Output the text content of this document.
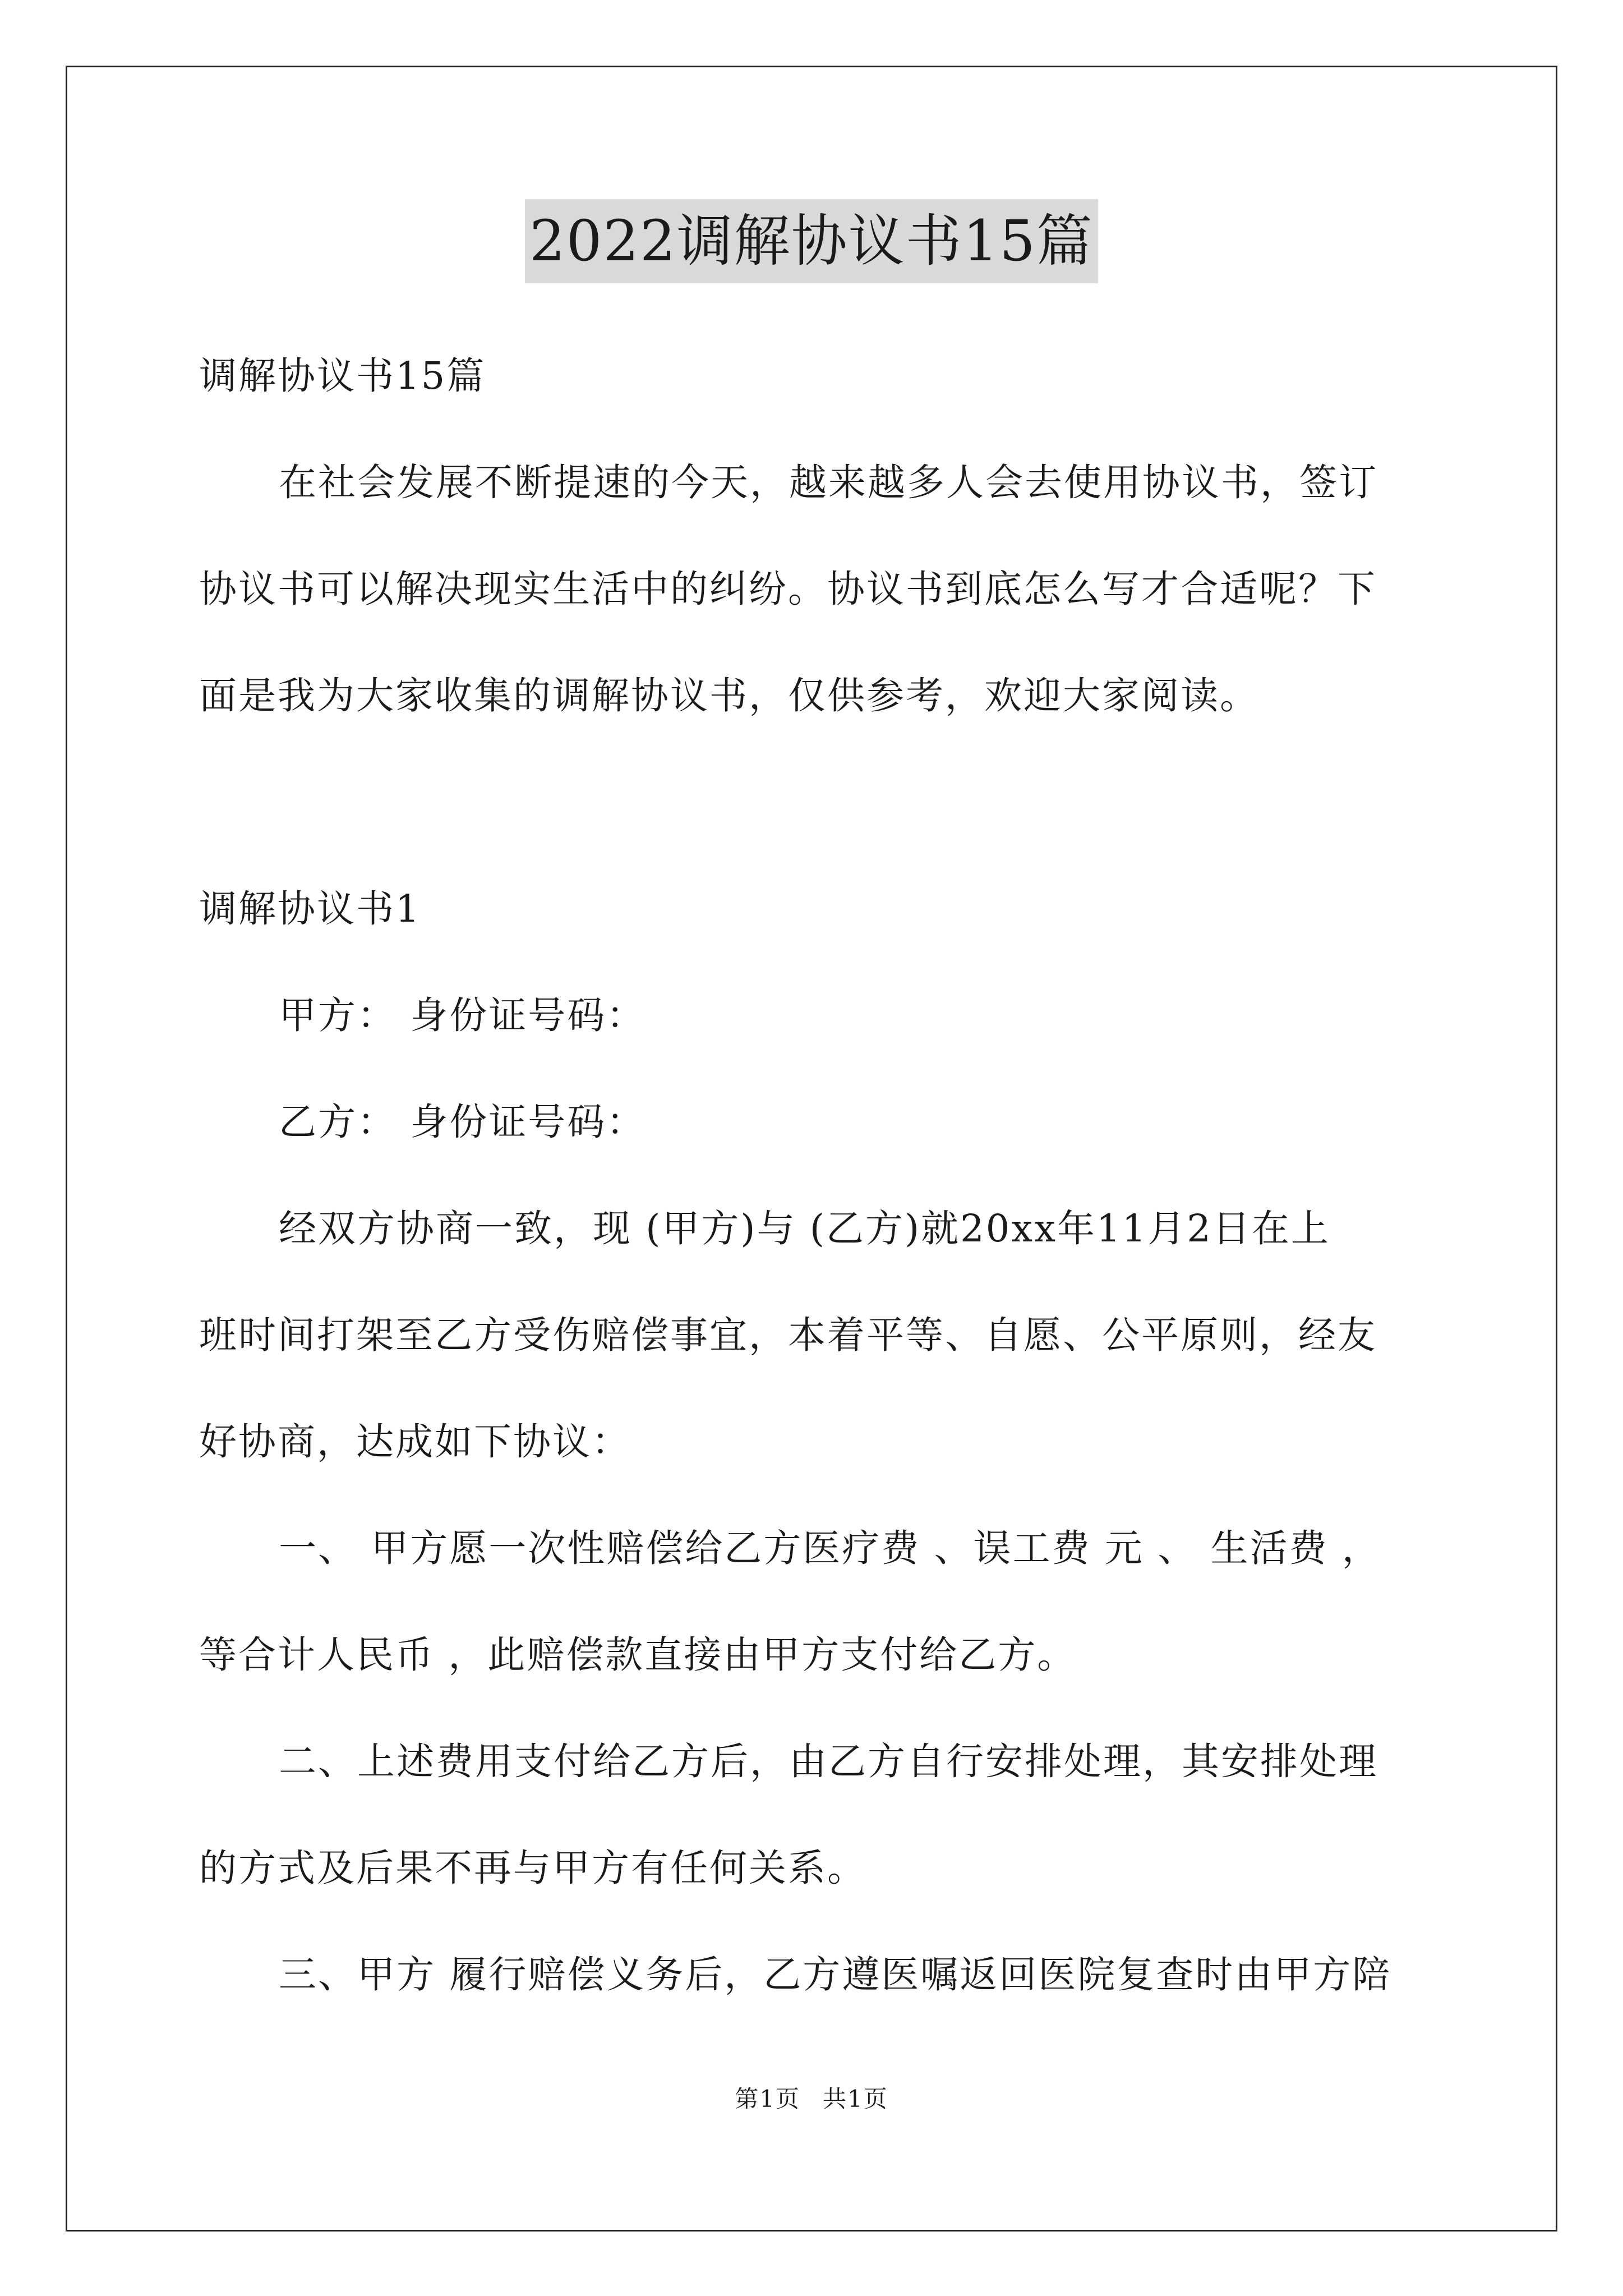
2022调解协议书15篇
调解协议书15篇
在社会发展不断提速的今天，越来越多人会去使用协议书，签订
协议书可以解决现实生活中的纠纷。协议书到底怎么写才合适呢？下
面是我为大家收集的调解协议书，仅供参考，欢迎大家阅读。
调解协议书1
甲方： 身份证号码：
乙方： 身份证号码：
经双方协商一致，现 (甲方)与 (乙方)就20xx年11月2日在上
班时间打架至乙方受伤赔偿事宜，本着平等、自愿、公平原则，经友
好协商，达成如下协议：
一、 甲方愿一次性赔偿给乙方医疗费 、误工费 元 、 生活费 ，
等合计人民币 ，此赔偿款直接由甲方支付给乙方。
二、上述费用支付给乙方后，由乙方自行安排处理，其安排处理
的方式及后果不再与甲方有任何关系。
三、甲方 履行赔偿义务后，乙方遵医嘱返回医院复查时由甲方陪
第1页 共1页
